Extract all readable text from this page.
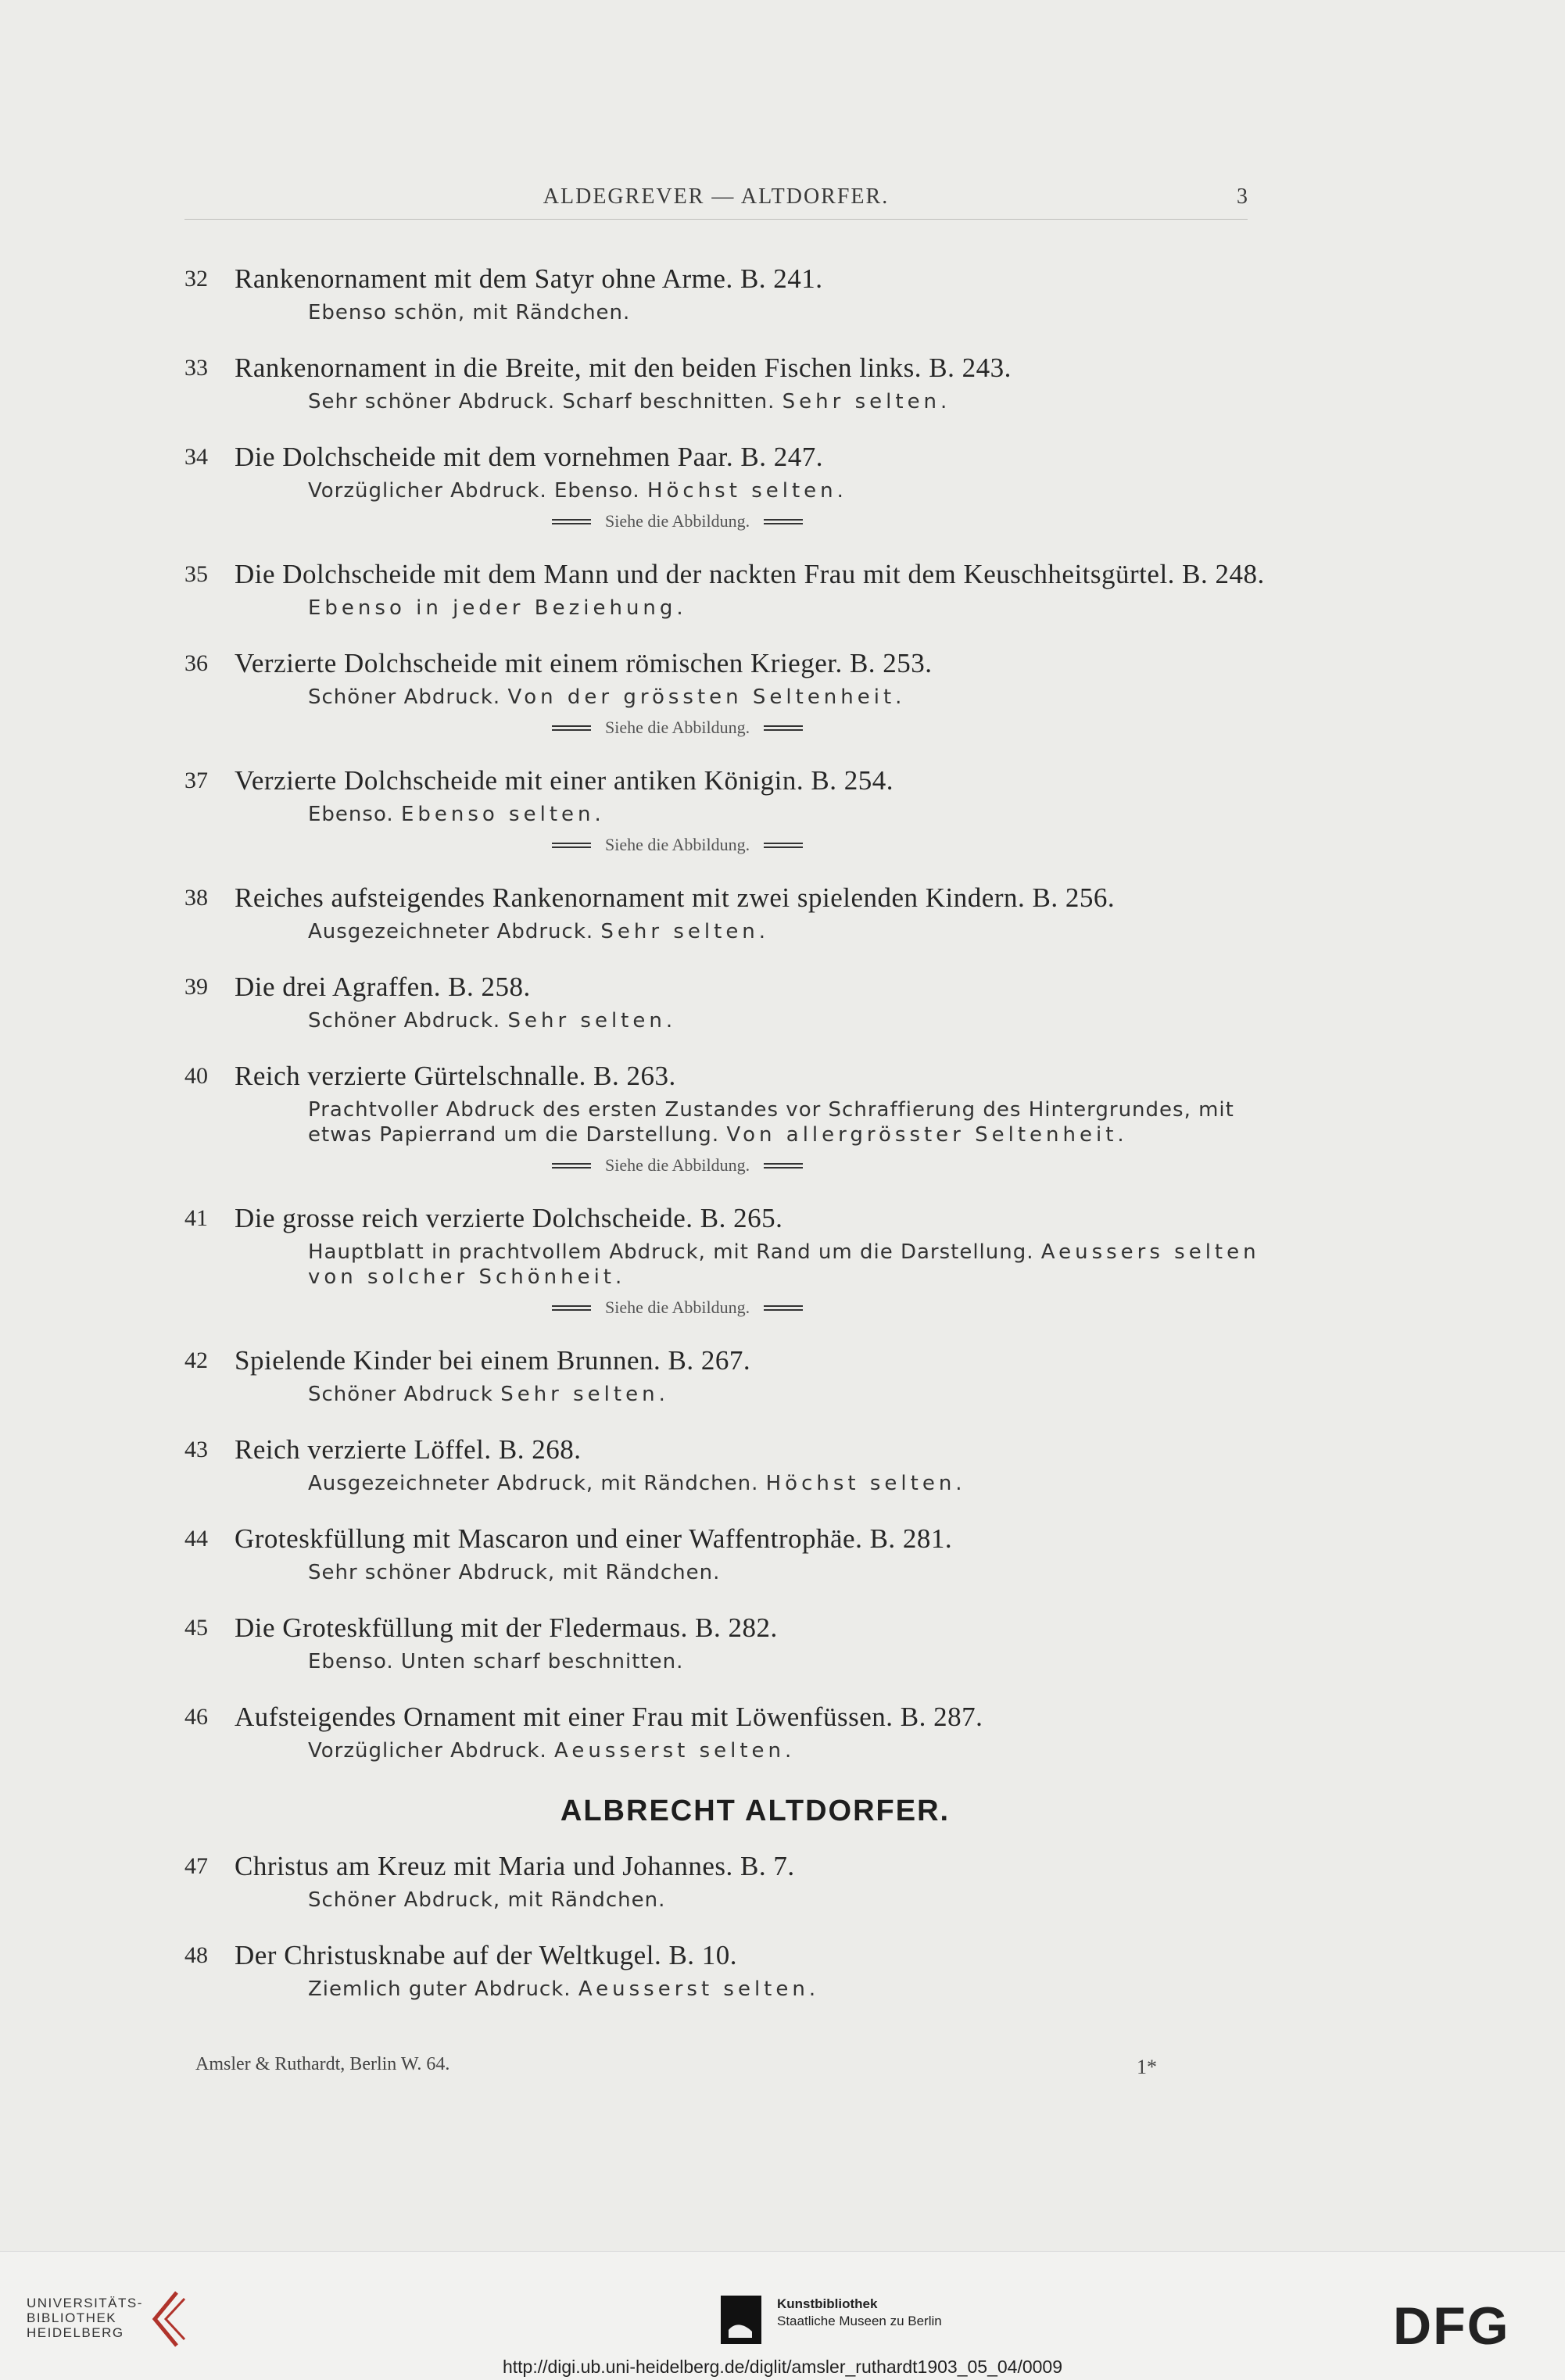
ALDEGREVER — ALTDORFER.	3
32 Rankenornament mit dem Satyr ohne Arme. B. 241.
Ebenso schön, mit Rändchen.
33 Rankenornament in die Breite, mit den beiden Fischen links. B. 243.
Sehr schöner Abdruck. Scharf beschnitten. Sehr selten.
34 Die Dolchscheide mit dem vornehmen Paar. B. 247.
Vorzüglicher Abdruck. Ebenso. Höchst selten.
Siehe die Abbildung.
35 Die Dolchscheide mit dem Mann und der nackten Frau mit dem Keuschheitsgürtel. B. 248.
Ebenso in jeder Beziehung.
36 Verzierte Dolchscheide mit einem römischen Krieger. B. 253.
Schöner Abdruck. Von der grössten Seltenheit.
Siehe die Abbildung.
37 Verzierte Dolchscheide mit einer antiken Königin. B. 254.
Ebenso. Ebenso selten.
Siehe die Abbildung.
38 Reiches aufsteigendes Rankenornament mit zwei spielenden Kindern. B. 256.
Ausgezeichneter Abdruck. Sehr selten.
39 Die drei Agraffen. B. 258.
Schöner Abdruck. Sehr selten.
40 Reich verzierte Gürtelschnalle. B. 263.
Prachtvoller Abdruck des ersten Zustandes vor Schraffierung des Hintergrundes, mit etwas Papierrand um die Darstellung. Von allergrösster Seltenheit.
Siehe die Abbildung.
41 Die grosse reich verzierte Dolchscheide. B. 265.
Hauptblatt in prachtvollem Abdruck, mit Rand um die Darstellung. Aeussers selten von solcher Schönheit.
Siehe die Abbildung.
42 Spielende Kinder bei einem Brunnen. B. 267.
Schöner Abdruck Sehr selten.
43 Reich verzierte Löffel. B. 268.
Ausgezeichneter Abdruck, mit Rändchen. Höchst selten.
44 Groteskfüllung mit Mascaron und einer Waffentrophäe. B. 281.
Sehr schöner Abdruck, mit Rändchen.
45 Die Groteskfüllung mit der Fledermaus. B. 282.
Ebenso. Unten scharf beschnitten.
46 Aufsteigendes Ornament mit einer Frau mit Löwenfüssen. B. 287.
Vorzüglicher Abdruck. Aeusserst selten.
ALBRECHT ALTDORFER.
47 Christus am Kreuz mit Maria und Johannes. B. 7.
Schöner Abdruck, mit Rändchen.
48 Der Christusknabe auf der Weltkugel. B. 10.
Ziemlich guter Abdruck. Aeusserst selten.
Amsler & Ruthardt, Berlin W. 64.	1*
UNIVERSITÄTS-
BIBLIOTHEK
HEIDELBERG
Kunstbibliothek
Staatliche Museen zu Berlin	DFG
http://digi.ub.uni-heidelberg.de/diglit/amsler_ruthardt1903_05_04/0009
